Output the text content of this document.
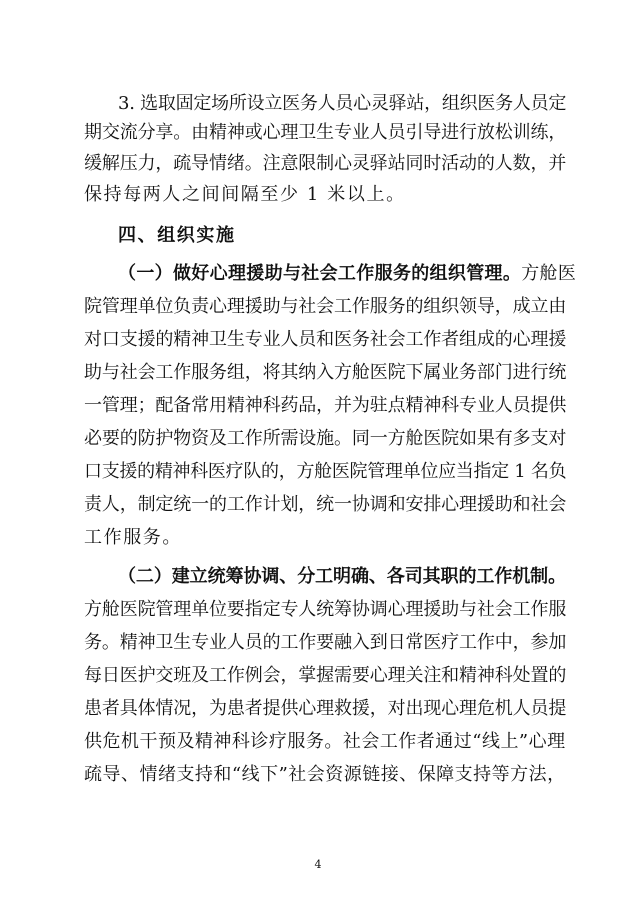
3. 选取固定场所设立医务人员心灵驿站，组织医务人员定
期交流分享。由精神或心理卫生专业人员引导进行放松训练，
缓解压力，疏导情绪。注意限制心灵驿站同时活动的人数，并
保持每两人之间间隔至少 1 米以上。
四、组织实施
（一）做好心理援助与社会工作服务的组织管理。方舱医
院管理单位负责心理援助与社会工作服务的组织领导，成立由
对口支援的精神卫生专业人员和医务社会工作者组成的心理援
助与社会工作服务组，将其纳入方舱医院下属业务部门进行统
一管理；配备常用精神科药品，并为驻点精神科专业人员提供
必要的防护物资及工作所需设施。同一方舱医院如果有多支对
口支援的精神科医疗队的，方舱医院管理单位应当指定 1 名负
责人，制定统一的工作计划，统一协调和安排心理援助和社会
工作服务。
（二）建立统筹协调、分工明确、各司其职的工作机制。
方舱医院管理单位要指定专人统筹协调心理援助与社会工作服
务。精神卫生专业人员的工作要融入到日常医疗工作中，参加
每日医护交班及工作例会，掌握需要心理关注和精神科处置的
患者具体情况，为患者提供心理救援，对出现心理危机人员提
供危机干预及精神科诊疗服务。社会工作者通过“线上”心理
疏导、情绪支持和“线下”社会资源链接、保障支持等方法，
4
